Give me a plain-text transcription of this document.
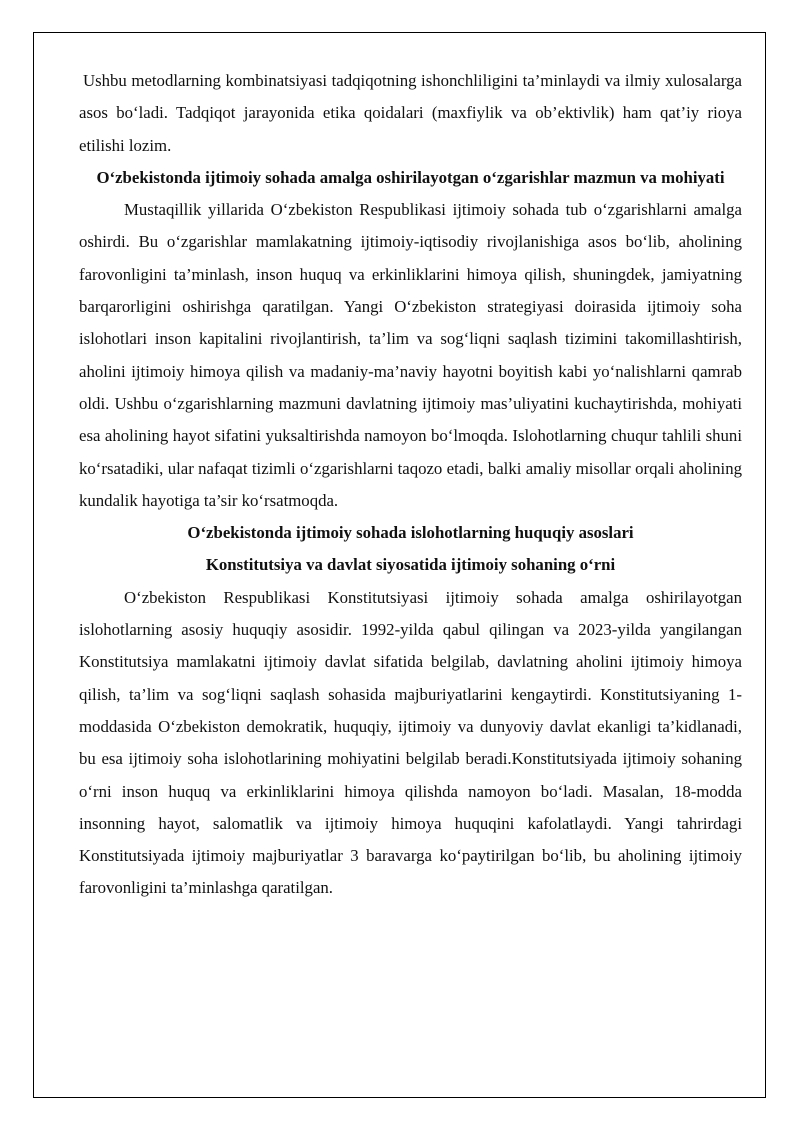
Ushbu metodlarning kombinatsiyasi tadqiqotning ishonchliligini ta’minlaydi va ilmiy xulosalarga asos bo‘ladi. Tadqiqot jarayonida etika qoidalari (maxfiylik va ob’ektivlik) ham qat’iy rioya etilishi lozim.

O‘zbekistonda ijtimoiy sohada amalga oshirilayotgan o‘zgarishlar mazmun va mohiyati

Mustaqillik yillarida O‘zbekiston Respublikasi ijtimoiy sohada tub o‘zgarishlarni amalga oshirdi. Bu o‘zgarishlar mamlakatning ijtimoiy-iqtisodiy rivojlanishiga asos bo‘lib, aholining farovonligini ta’minlash, inson huquq va erkinliklarini himoya qilish, shuningdek, jamiyatning barqarorligini oshirishga qaratilgan. Yangi O‘zbekiston strategiyasi doirasida ijtimoiy soha islohotlari inson kapitalini rivojlantirish, ta’lim va sog‘liqni saqlash tizimini takomillashtirish, aholini ijtimoiy himoya qilish va madaniy-ma’naviy hayotni boyitish kabi yo‘nalishlarni qamrab oldi. Ushbu o‘zgarishlarning mazmuni davlatning ijtimoiy mas’uliyatini kuchaytirishda, mohiyati esa aholining hayot sifatini yuksaltirishda namoyon bo‘lmoqda. Islohotlarning chuqur tahlili shuni ko‘rsatadiki, ular nafaqat tizimli o‘zgarishlarni taqozo etadi, balki amaliy misollar orqali aholining kundalik hayotiga ta’sir ko‘rsatmoqda.

O‘zbekistonda ijtimoiy sohada islohotlarning huquqiy asoslari

Konstitutsiya va davlat siyosatida ijtimoiy sohaning o‘rni

O‘zbekiston Respublikasi Konstitutsiyasi ijtimoiy sohada amalga oshirilayotgan islohotlarning asosiy huquqiy asosidir. 1992-yilda qabul qilingan va 2023-yilda yangilangan Konstitutsiya mamlakatni ijtimoiy davlat sifatida belgilab, davlatning aholini ijtimoiy himoya qilish, ta’lim va sog‘liqni saqlash sohasida majburiyatlarini kengaytirdi. Konstitutsiyaning 1-moddasida O‘zbekiston demokratik, huquqiy, ijtimoiy va dunyoviy davlat ekanligi ta’kidlanadi, bu esa ijtimoiy soha islohotlarining mohiyatini belgilab beradi.Konstitutsiyada ijtimoiy sohaning o‘rni inson huquq va erkinliklarini himoya qilishda namoyon bo‘ladi. Masalan, 18-modda insonning hayot, salomatlik va ijtimoiy himoya huquqini kafolatlaydi. Yangi tahrirdagi Konstitutsiyada ijtimoiy majburiyatlar 3 baravarga ko‘paytirilgan bo‘lib, bu aholining ijtimoiy farovonligini ta’minlashga qaratilgan.
